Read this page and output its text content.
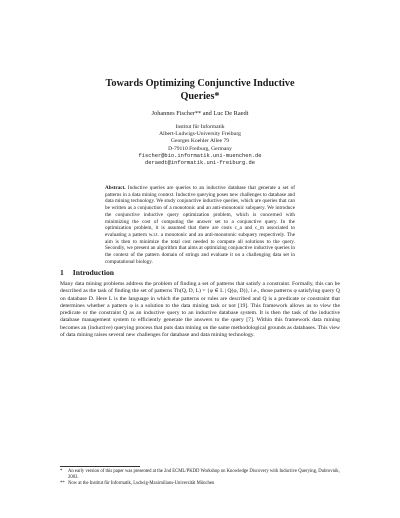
Towards Optimizing Conjunctive Inductive
Queries*
Johannes Fischer** and Luc De Raedt
Institut für Informatik
Albert-Ludwigs-University Freiburg
Georges Koehler Allee 79
D-79110 Freiburg, Germany
fischer@bio.informatik.uni-muenchen.de
deraedt@informatik.uni-freiburg.de
Abstract. Inductive queries are queries to an inductive database that generate a set of patterns in a data mining context. Inductive querying poses new challenges to database and data mining technology. We study conjunctive inductive queries, which are queries that can be written as a conjunction of a monotonic and an anti-monotonic subquery. We introduce the conjunctive inductive query optimization problem, which is concerned with minimizing the cost of computing the answer set to a conjunctive query. In the optimization problem, it is assumed that there are costs c_a and c_m associated to evaluating a pattern w.r.t. a monotonic and an anti-monotonic subquery respectively. The aim is then to minimize the total cost needed to compute all solutions to the query. Secondly, we present an algorithm that aims at optimizing conjunctive inductive queries in the context of the pattern domain of strings and evaluate it on a challenging data set in computational biology.
1 Introduction
Many data mining problems address the problem of finding a set of patterns that satisfy a constraint. Formally, this can be described as the task of finding the set of patterns Th(Q, D, L) = {φ ∈ L | Q(φ, D)}, i.e., those patterns φ satisfying query Q on database D. Here L is the language in which the patterns or rules are described and Q is a predicate or constraint that determines whether a pattern φ is a solution to the data mining task or not [19]. This framework allows us to view the predicate or the constraint Q as an inductive query to an inductive database system. It is then the task of the inductive database management system to efficiently generate the answers to the query [7]. Within this framework data mining becomes an (inductive) querying process that puts data mining on the same methodological grounds as databases. This view of data mining raises several new challenges for database and data mining technology.
* An early version of this paper was presented at the 2nd ECML/PKDD Workshop on Knowledge Discovery with Inductive Querying, Dubrovnik, 2003.
** Now at the Institut für Informatik, Ludwig-Maximilians-Universität München
